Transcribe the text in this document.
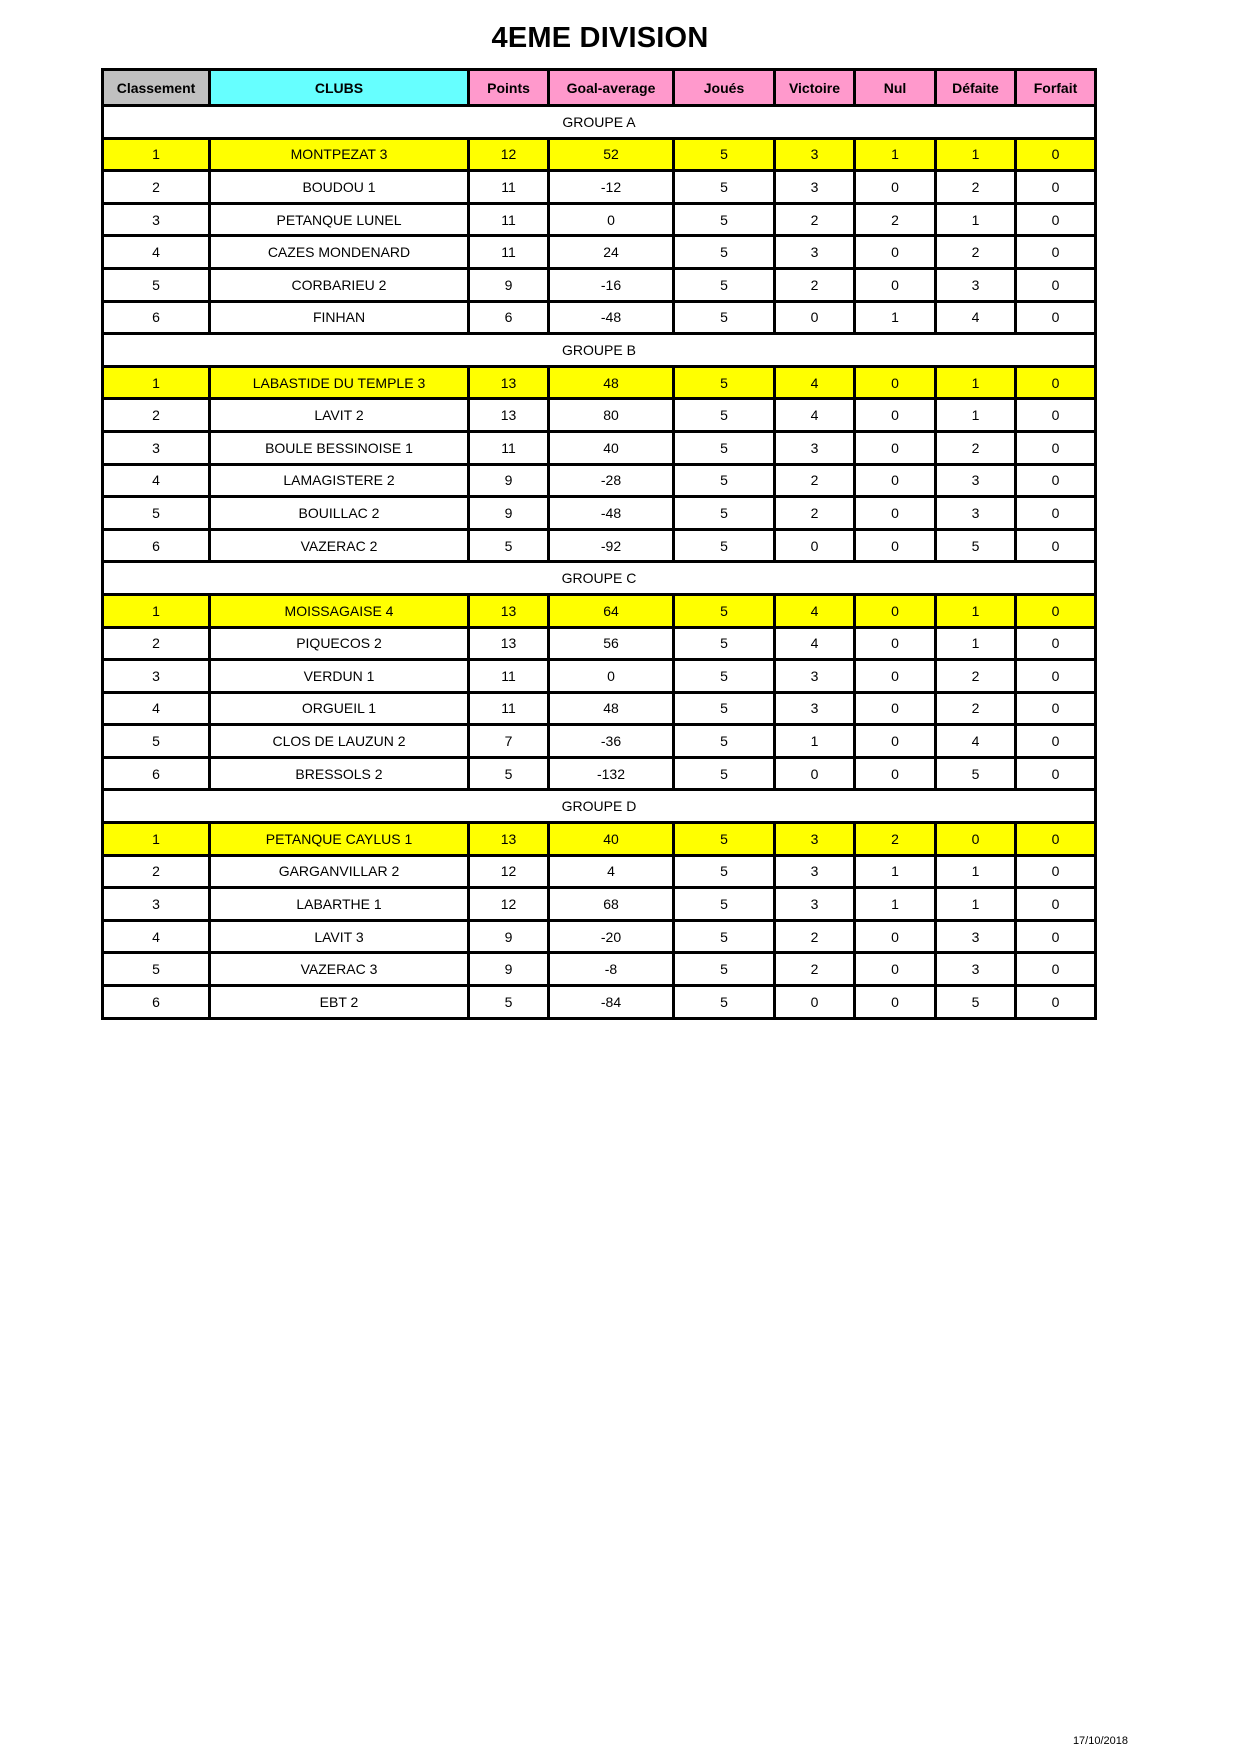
4EME DIVISION
Classement	CLUBS	Points	Goal-average	Joués	Victoire	Nul	Défaite	Forfait
GROUPE A								
1	MONTPEZAT 3	12	52	5	3	1	1	0
2	BOUDOU 1	11	-12	5	3	0	2	0
3	PETANQUE LUNEL	11	0	5	2	2	1	0
4	CAZES MONDENARD	11	24	5	3	0	2	0
5	CORBARIEU 2	9	-16	5	2	0	3	0
6	FINHAN	6	-48	5	0	1	4	0
GROUPE B								
1	LABASTIDE DU TEMPLE 3	13	48	5	4	0	1	0
2	LAVIT 2	13	80	5	4	0	1	0
3	BOULE BESSINOISE 1	11	40	5	3	0	2	0
4	LAMAGISTERE 2	9	-28	5	2	0	3	0
5	BOUILLAC 2	9	-48	5	2	0	3	0
6	VAZERAC 2	5	-92	5	0	0	5	0
GROUPE C								
1	MOISSAGAISE 4	13	64	5	4	0	1	0
2	PIQUECOS 2	13	56	5	4	0	1	0
3	VERDUN 1	11	0	5	3	0	2	0
4	ORGUEIL 1	11	48	5	3	0	2	0
5	CLOS DE LAUZUN 2	7	-36	5	1	0	4	0
6	BRESSOLS 2	5	-132	5	0	0	5	0
GROUPE D								
1	PETANQUE CAYLUS 1	13	40	5	3	2	0	0
2	GARGANVILLAR 2	12	4	5	3	1	1	0
3	LABARTHE 1	12	68	5	3	1	1	0
4	LAVIT 3	9	-20	5	2	0	3	0
5	VAZERAC 3	9	-8	5	2	0	3	0
6	EBT 2	5	-84	5	0	0	5	0
17/10/2018
